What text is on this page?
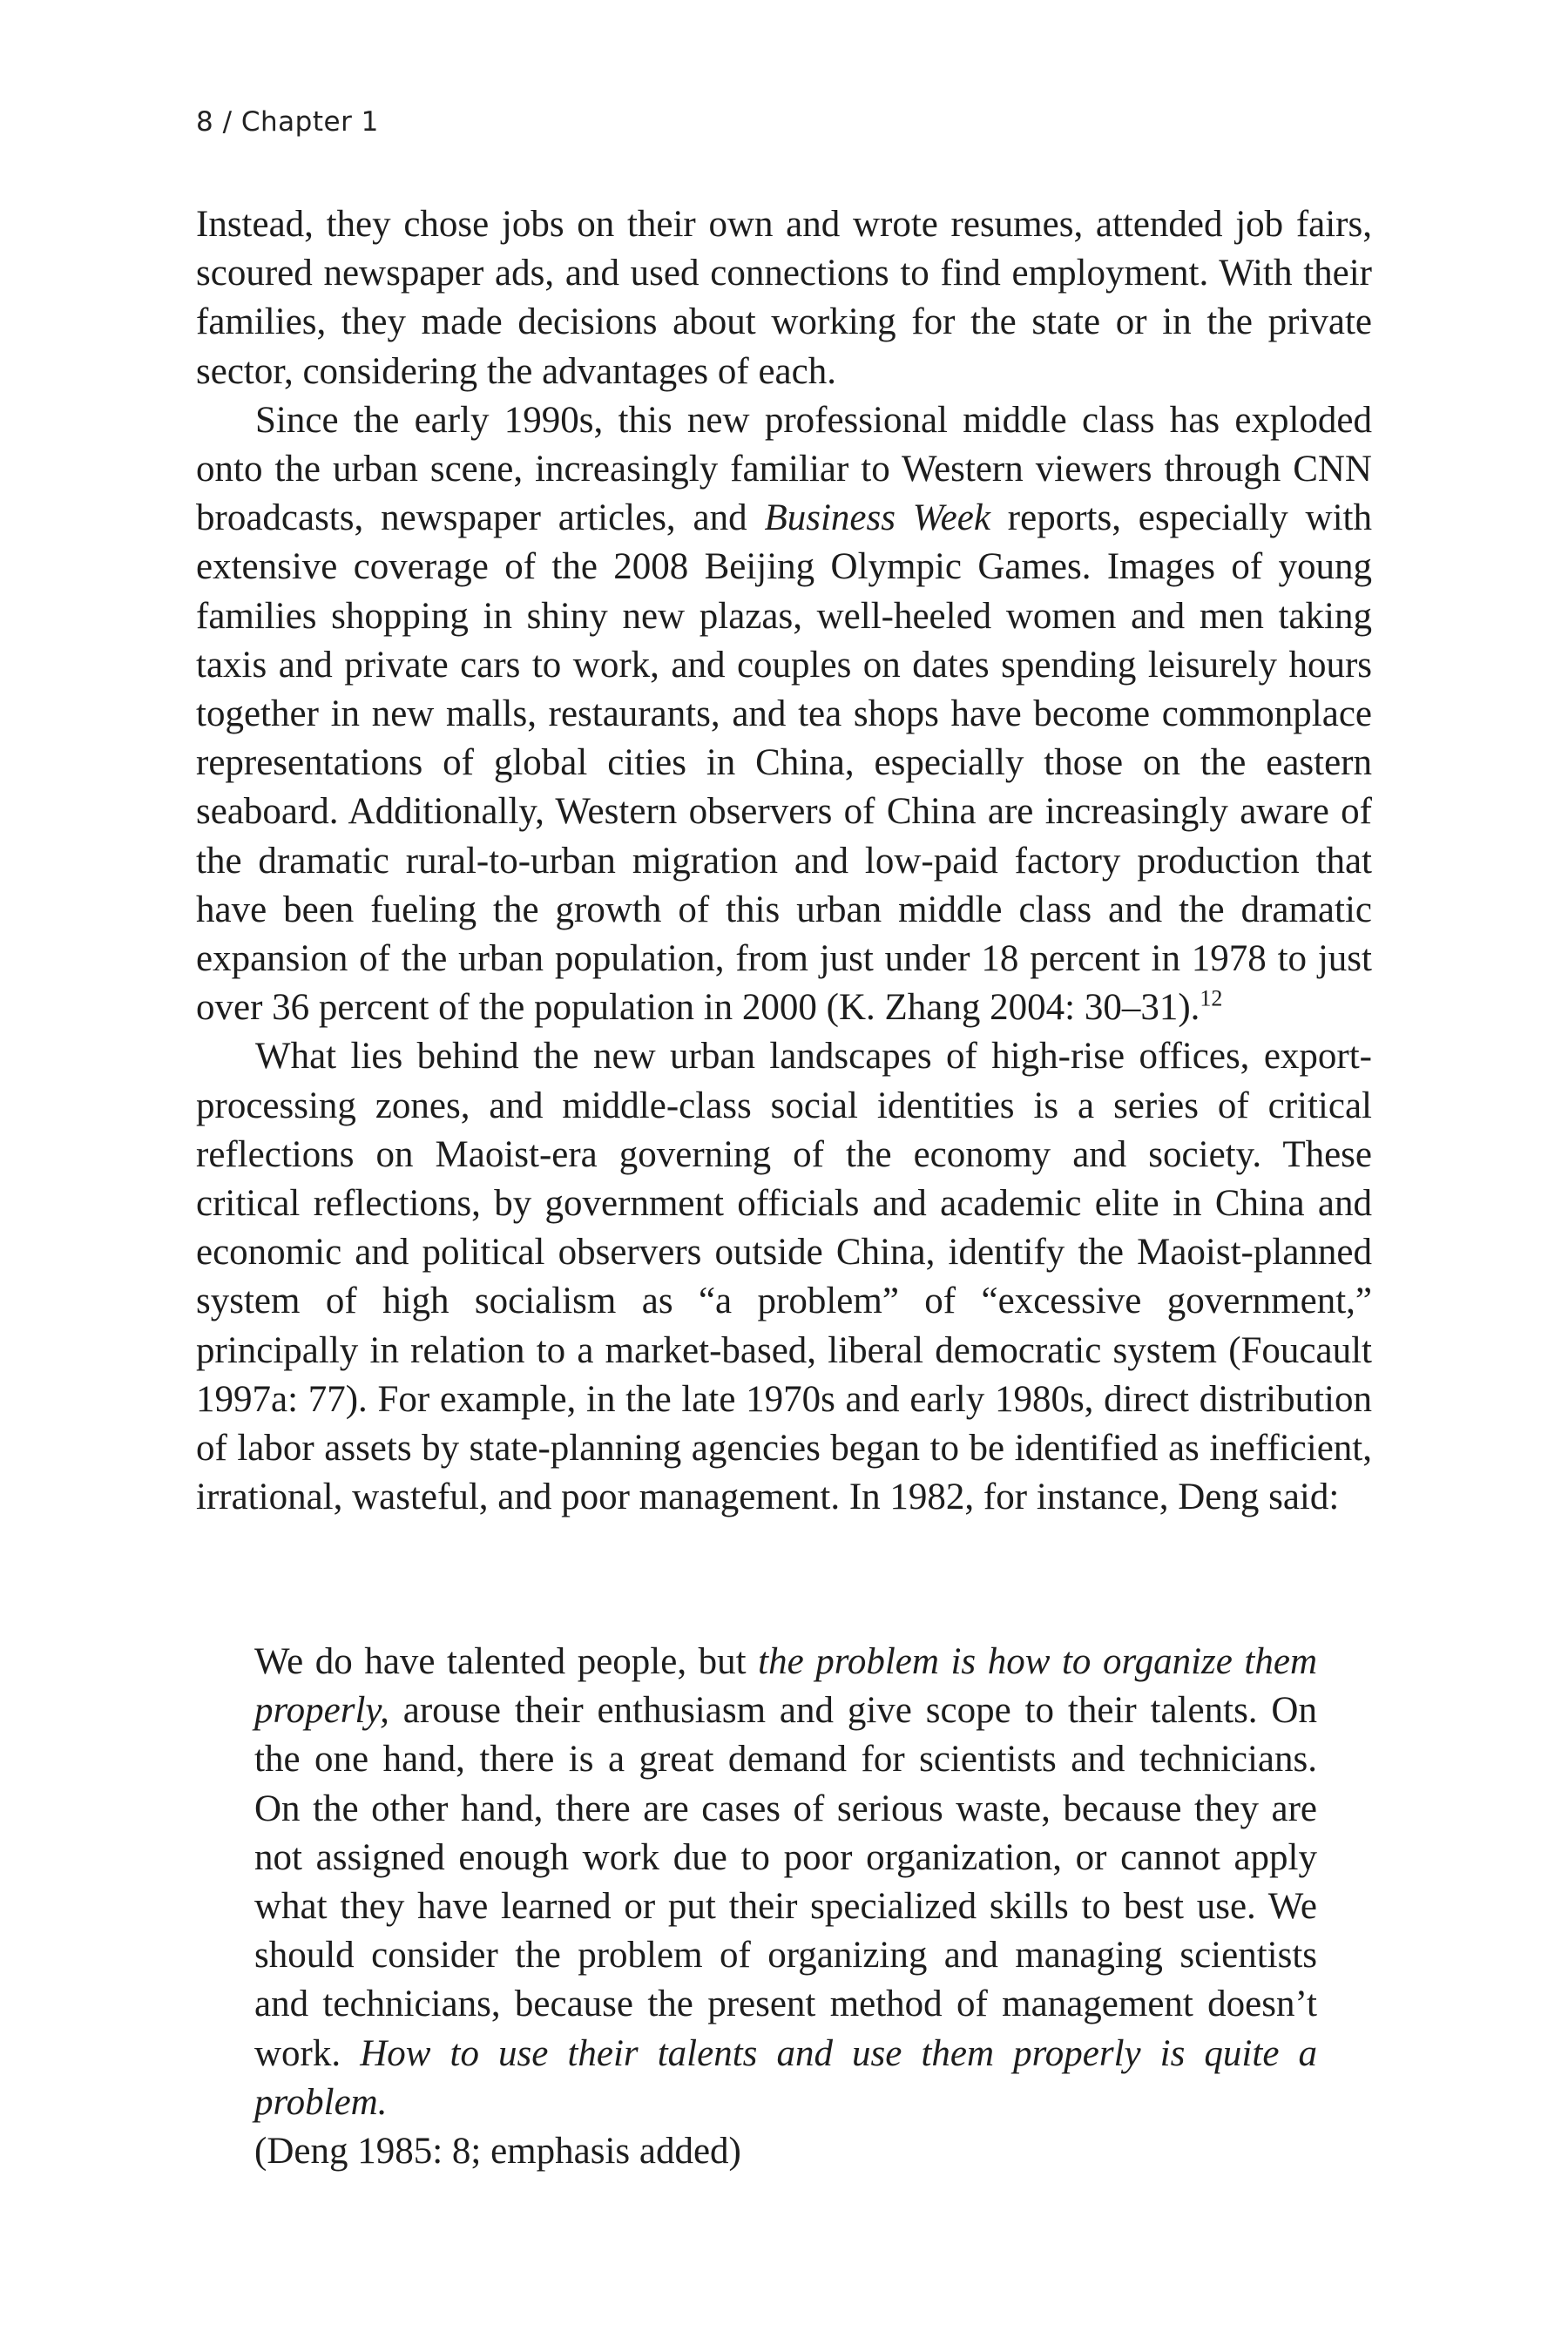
8 / Chapter 1

Instead, they chose jobs on their own and wrote resumes, attended job fairs, scoured newspaper ads, and used connections to find employment. With their families, they made decisions about working for the state or in the private sector, considering the advantages of each.

Since the early 1990s, this new professional middle class has exploded onto the urban scene, increasingly familiar to Western viewers through CNN broadcasts, newspaper articles, and Business Week reports, especially with extensive coverage of the 2008 Beijing Olympic Games. Images of young families shopping in shiny new plazas, well-heeled women and men taking taxis and private cars to work, and couples on dates spending leisurely hours together in new malls, restaurants, and tea shops have become commonplace representations of global cities in China, especially those on the eastern seaboard. Additionally, Western observers of China are increasingly aware of the dramatic rural-to-urban migration and low-paid factory production that have been fueling the growth of this urban middle class and the dramatic expansion of the urban population, from just under 18 percent in 1978 to just over 36 percent of the population in 2000 (K. Zhang 2004: 30–31).$^{12}$

What lies behind the new urban landscapes of high-rise offices, export-processing zones, and middle-class social identities is a series of critical reflections on Maoist-era governing of the economy and society. These critical reflections, by government officials and academic elite in China and economic and political observers outside China, identify the Maoist-planned system of high socialism as “a problem” of “excessive government,” principally in relation to a market-based, liberal democratic system (Foucault 1997a: 77). For example, in the late 1970s and early 1980s, direct distribution of labor assets by state-planning agencies began to be identified as inefficient, irrational, wasteful, and poor management. In 1982, for instance, Deng said:

We do have talented people, but the problem is how to organize them properly, arouse their enthusiasm and give scope to their talents. On the one hand, there is a great demand for scientists and technicians. On the other hand, there are cases of serious waste, because they are not assigned enough work due to poor organization, or cannot apply what they have learned or put their specialized skills to best use. We should consider the problem of organizing and managing scientists and technicians, because the present method of management doesn’t work. How to use their talents and use them properly is quite a problem.

(Deng 1985: 8; emphasis added)
